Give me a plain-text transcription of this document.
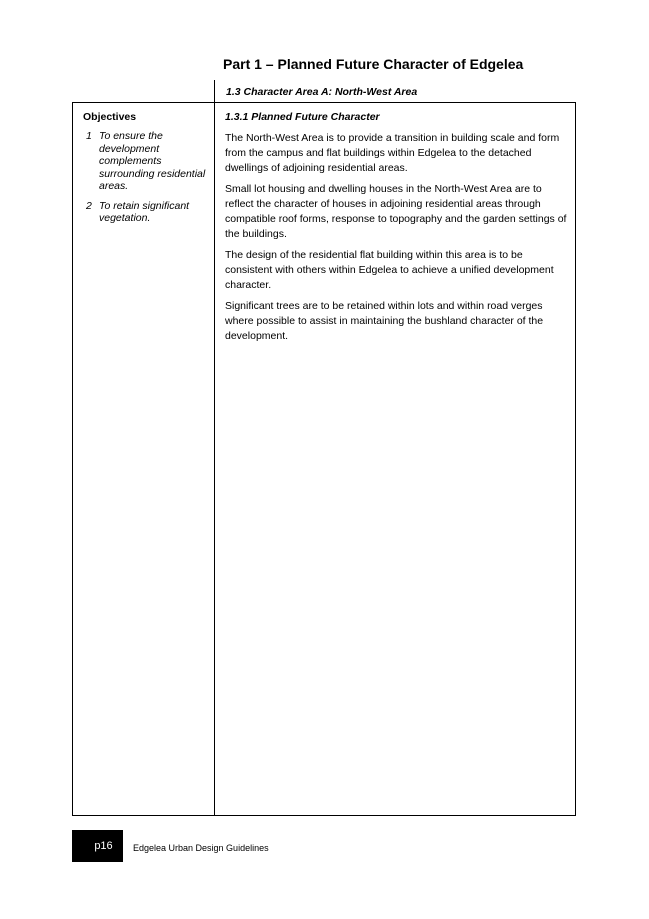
Part 1 – Planned Future Character of Edgelea
1.3 Character Area A: North-West Area
Objectives
1 To ensure the development complements surrounding residential areas.
2 To retain significant vegetation.
1.3.1 Planned Future Character

The North-West Area is to provide a transition in building scale and form from the campus and flat buildings within Edgelea to the detached dwellings of adjoining residential areas.

Small lot housing and dwelling houses in the North-West Area are to reflect the character of houses in adjoining residential areas through compatible roof forms, response to topography and the garden settings of the buildings.

The design of the residential flat building within this area is to be consistent with others within Edgelea to achieve a unified development character.

Significant trees are to be retained within lots and within road verges where possible to assist in maintaining the bushland character of the development.

p16	Edgelea Urban Design Guidelines
